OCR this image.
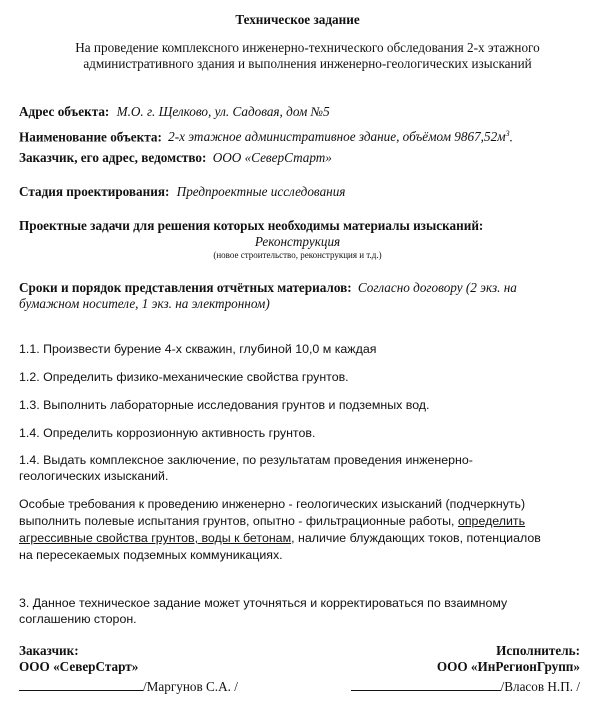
Техническое задание
На проведение комплексного инженерно-технического обследования 2-х этажного
административного здания и выполнения инженерно-геологических изысканий
Адрес объекта: М.О. г. Щелково, ул. Садовая, дом №5
Наименование объекта: 2-х этажное административное здание, объёмом $9867,52м^3$.
Заказчик, его адрес, ведомство: ООО «СеверСтарт»
Стадия проектирования: Предпроектные исследования
Проектные задачи для решения которых необходимы материалы изысканий:
Реконструкция
(новое строительство, реконструкция и т.д.)
Сроки и порядок представления отчётных материалов: Согласно договору (2 экз. на
бумажном носителе, 1 экз. на электронном)
1.1. Произвести бурение 4-х скважин, глубиной 10,0 м каждая
1.2. Определить физико-механические свойства грунтов.
1.3. Выполнить лабораторные исследования грунтов и подземных вод.
1.4. Определить коррозионную активность грунтов.
1.4. Выдать комплексное заключение, по результатам проведения инженерно-
геологических изысканий.
Особые требования к проведению инженерно - геологических изысканий (подчеркнуть)
выполнить полевые испытания грунтов, опытно - фильтрационные работы, определить
агрессивные свойства грунтов, воды к бетонам, наличие блуждающих токов, потенциалов
на пересекаемых подземных коммуникациях.
3. Данное техническое задание может уточняться и корректироваться по взаимному
соглашению сторон.
Заказчик:
ООО «СеверСтарт»
/Маргунов С.А. /
Исполнитель:
ООО «ИнРегионГрупп»
/Власов Н.П. /
